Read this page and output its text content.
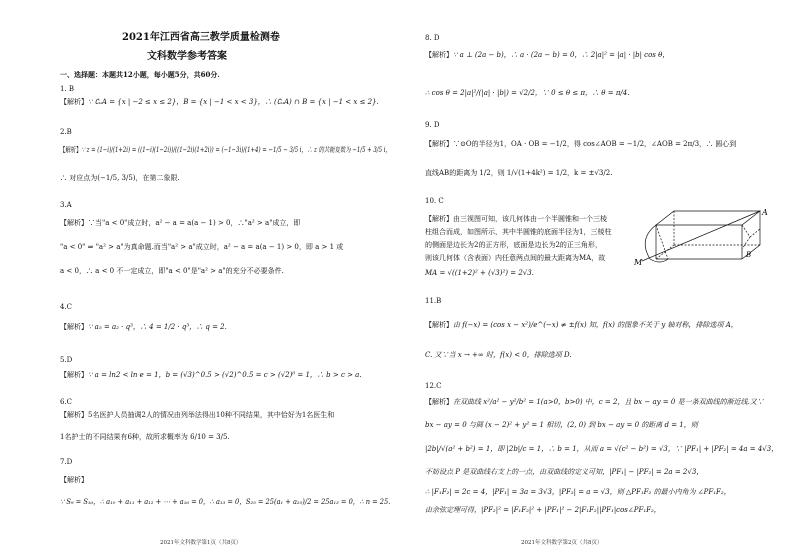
2021年江西省高三教学质量检测卷
文科数学参考答案
一、选择题：本题共12小题，每小题5分，共60分.
1. B
【解析】∵ ∁ᵤA = {x | −2 ≤ x ≤ 2}，B = {x | −1 < x < 3}，∴ (∁ᵤA) ∩ B = {x | −1 < x ≤ 2}.
2.B
【解析】∵ z = (1−i)/(1+2i) = ((1−i)(1−2i))/((1−2i)(1+2i)) = (−1−3i)/(1+4) = −1/5 − 3/5 i，∴ z 的共轭复数为 −1/5 + 3/5 i，
∴ 对应点为(−1/5, 3/5)，在第二象限.
3.A
【解析】∵当"a < 0"成立时，a² − a = a(a − 1) > 0，∴"a² > a"成立，即
"a < 0" ⇒ "a² > a"为真命题.而当"a² > a"成立时，a² − a = a(a − 1) > 0，即 a > 1 或
a < 0，∴ a < 0 不一定成立，即"a < 0"是"a² > a"的充分不必要条件.
4.C
【解析】∵ a₅ = a₂ · q³，∴ 4 = 1/2 · q³，∴ q = 2.
5.D
【解析】∵ a = ln2 < ln e = 1，b = (√3)^0.5 > (√2)^0.5 = c > (√2)⁰ = 1，∴ b > c > a.
6.C
【解析】5名医护人员抽调2人的情况由列举法得出10种不同结果，其中恰好为1名医生和
1名护士的不同结果有6种，故所求概率为 6/10 = 3/5.
7.D
【解析】
∵ S₉ = S₁₆，∴ a₁₀ + a₁₁ + a₁₂ + ⋯ + a₁₆ = 0，∴ a₁₃ = 0，S₂₅ = 25(a₁ + a₂₅)/2 = 25a₁₃ = 0，∴ n = 25.
2021年文科数学第1页（共8页）
8. D
【解析】∵ a ⊥ (2a − b)，∴ a · (2a − b) = 0，∴ 2|a|² = |a| · |b| cos θ，
∴ cos θ = 2|a|²/(|a| · |b|) = √2/2，∵ 0 ≤ θ ≤ π，∴ θ = π/4.
9. D
【解析】∵⊙O的半径为1，OA · OB = −1/2，得 cos∠AOB = −1/2，∠AOB = 2π/3，∴ 圆心到
直线AB的距离为 1/2，则 1/√(1+4k²) = 1/2，k = ±√3/2.
10. C
【解析】由三视图可知，该几何体由一个半圆锥和一个三棱
柱组合而成，如图所示，其中半圆锥的底面半径为1，三棱柱
的侧面是边长为2的正方形，底面是边长为2的正三角形，
则该几何体（含表面）内任意两点间的最大距离为MA，故
MA = √((1+2)² + (√3)²) = 2√3.
A
B
M
11.B
【解析】由 f(−x) = (cos x − x²)/e^(−x) ≠ ±f(x) 知，f(x) 的图象不关于 y 轴对称，排除选项 A，
C. 又∵当 x → +∞ 时，f(x) < 0，排除选项 D.
12.C
【解析】在双曲线 x²/a² − y²/b² = 1(a>0，b>0) 中，c = 2，且 bx − ay = 0 是一条双曲线的渐近线.又∵
bx − ay = 0 与圆 (x − 2)² + y² = 1 相切，(2, 0) 到 bx − ay = 0 的距离 d = 1，则
|2b|/√(a² + b²) = 1，即 |2b|/c = 1，∴ b = 1，从而 a = √(c² − b²) = √3，∵ |PF₁| + |PF₂| = 4a = 4√3，
不妨设点 P 是双曲线右支上的一点，由双曲线的定义可知，|PF₁| − |PF₂| = 2a = 2√3，
∴ |F₁F₂| = 2c = 4，|PF₁| = 3a = 3√3，|PF₂| = a = √3，则 △PF₁F₂ 的最小内角为 ∠PF₁F₂，
由余弦定理可得，|PF₂|² = |F₁F₂|² + |PF₁|² − 2|F₁F₂||PF₁|cos∠PF₁F₂，
2021年文科数学第2页（共8页）
